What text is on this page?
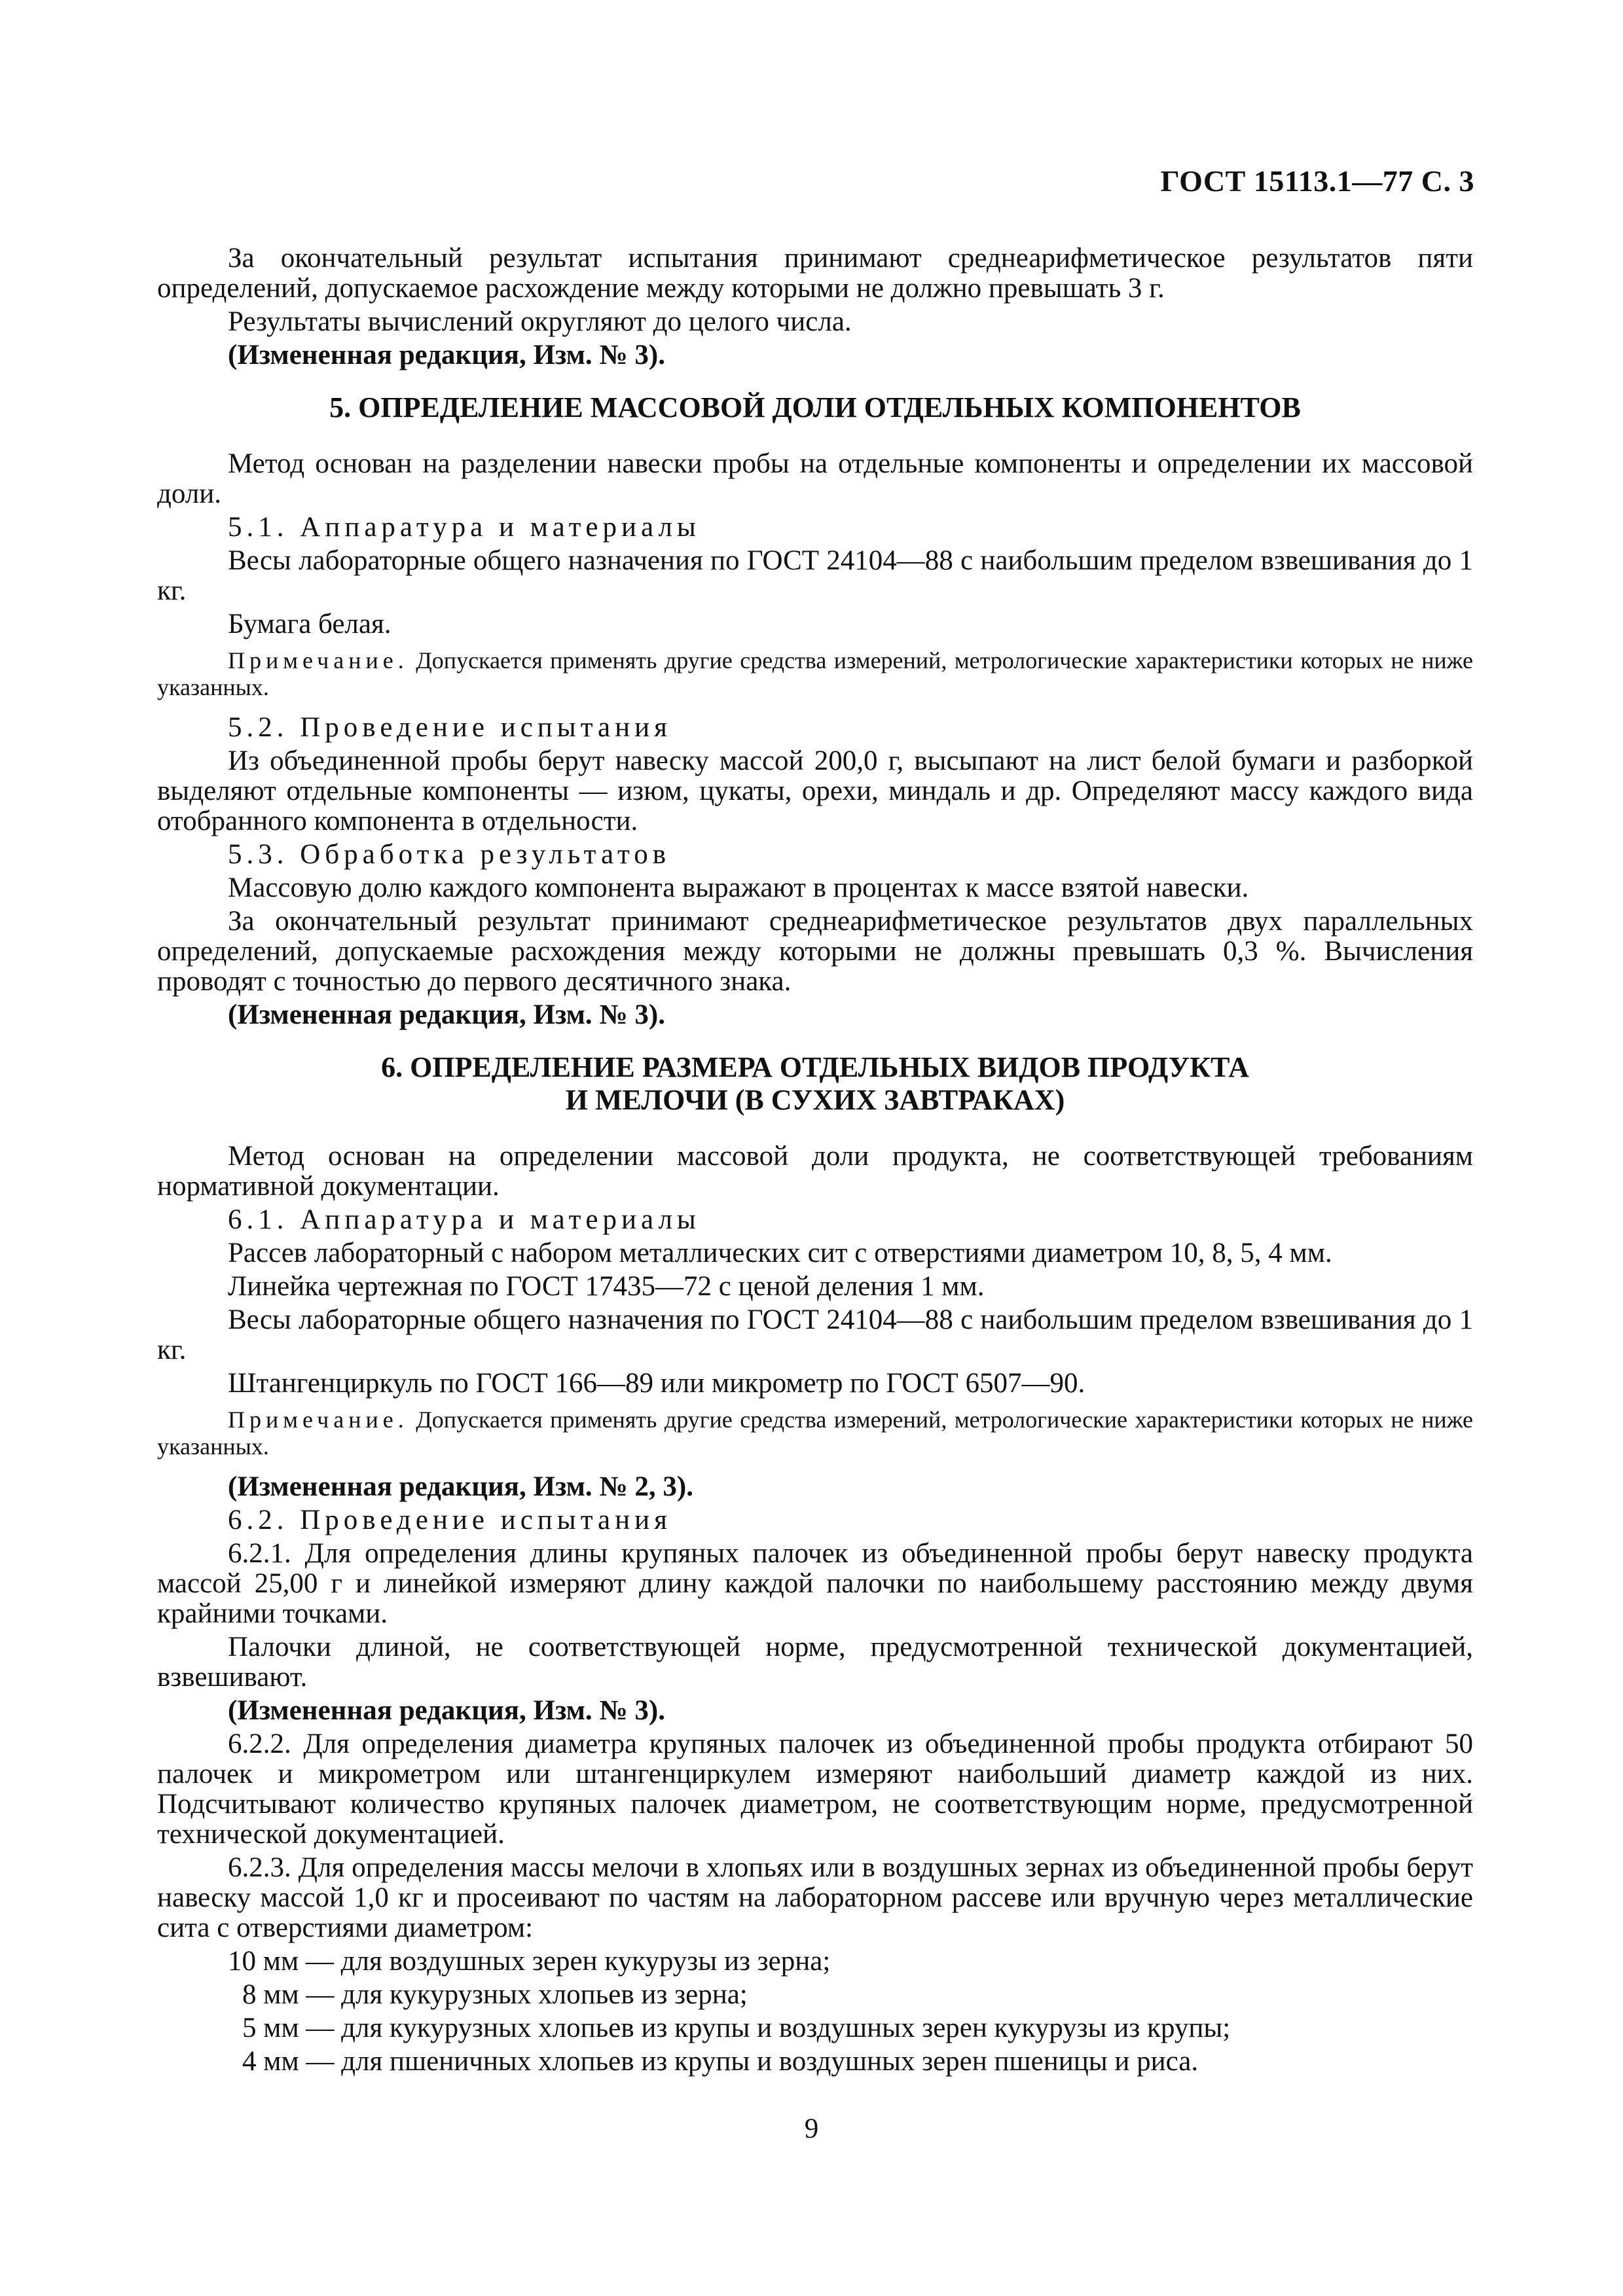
ГОСТ 15113.1—77 С. 3

За окончательный результат испытания принимают среднеарифметическое результатов пяти определений, допускаемое расхождение между которыми не должно превышать 3 г.

Результаты вычислений округляют до целого числа.

(Измененная редакция, Изм. № 3).

5. ОПРЕДЕЛЕНИЕ МАССОВОЙ ДОЛИ ОТДЕЛЬНЫХ КОМПОНЕНТОВ

Метод основан на разделении навески пробы на отдельные компоненты и определении их массовой доли.

5.1. Аппаратура и материалы

Весы лабораторные общего назначения по ГОСТ 24104—88 с наибольшим пределом взвешивания до 1 кг.

Бумага белая.

Примечание. Допускается применять другие средства измерений, метрологические характеристики которых не ниже указанных.

5.2. Проведение испытания

Из объединенной пробы берут навеску массой 200,0 г, высыпают на лист белой бумаги и разборкой выделяют отдельные компоненты — изюм, цукаты, орехи, миндаль и др. Определяют массу каждого вида отобранного компонента в отдельности.

5.3. Обработка результатов

Массовую долю каждого компонента выражают в процентах к массе взятой навески.

За окончательный результат принимают среднеарифметическое результатов двух параллельных определений, допускаемые расхождения между которыми не должны превышать 0,3 %. Вычисления проводят с точностью до первого десятичного знака.

(Измененная редакция, Изм. № 3).

6. ОПРЕДЕЛЕНИЕ РАЗМЕРА ОТДЕЛЬНЫХ ВИДОВ ПРОДУКТА
И МЕЛОЧИ (В СУХИХ ЗАВТРАКАХ)

Метод основан на определении массовой доли продукта, не соответствующей требованиям нормативной документации.

6.1. Аппаратура и материалы

Рассев лабораторный с набором металлических сит с отверстиями диаметром 10, 8, 5, 4 мм.

Линейка чертежная по ГОСТ 17435—72 с ценой деления 1 мм.

Весы лабораторные общего назначения по ГОСТ 24104—88 с наибольшим пределом взвешивания до 1 кг.

Штангенциркуль по ГОСТ 166—89 или микрометр по ГОСТ 6507—90.

Примечание. Допускается применять другие средства измерений, метрологические характеристики которых не ниже указанных.

(Измененная редакция, Изм. № 2, 3).

6.2. Проведение испытания

6.2.1. Для определения длины крупяных палочек из объединенной пробы берут навеску продукта массой 25,00 г и линейкой измеряют длину каждой палочки по наибольшему расстоянию между двумя крайними точками.

Палочки длиной, не соответствующей норме, предусмотренной технической документацией, взвешивают.

(Измененная редакция, Изм. № 3).

6.2.2. Для определения диаметра крупяных палочек из объединенной пробы продукта отбирают 50 палочек и микрометром или штангенциркулем измеряют наибольший диаметр каждой из них. Подсчитывают количество крупяных палочек диаметром, не соответствующим норме, предусмотренной технической документацией.

6.2.3. Для определения массы мелочи в хлопьях или в воздушных зернах из объединенной пробы берут навеску массой 1,0 кг и просеивают по частям на лабораторном рассеве или вручную через металлические сита с отверстиями диаметром:

10 мм — для воздушных зерен кукурузы из зерна;
8 мм — для кукурузных хлопьев из зерна;
5 мм — для кукурузных хлопьев из крупы и воздушных зерен кукурузы из крупы;
4 мм — для пшеничных хлопьев из крупы и воздушных зерен пшеницы и риса.
9
